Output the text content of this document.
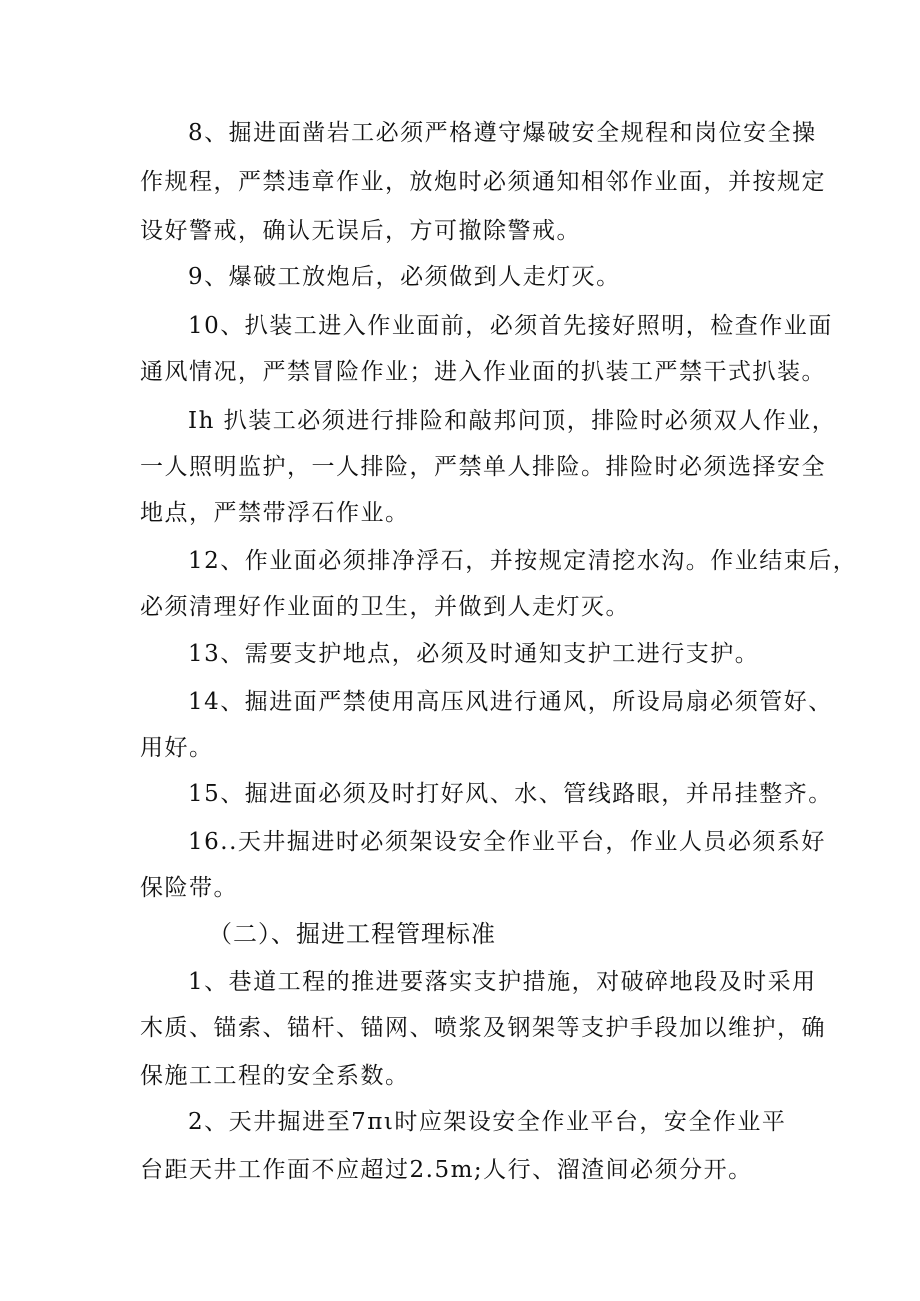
8、掘进面凿岩工必须严格遵守爆破安全规程和岗位安全操
作规程，严禁违章作业，放炮时必须通知相邻作业面，并按规定
设好警戒，确认无误后，方可撤除警戒。
9、爆破工放炮后，必须做到人走灯灭。
10、扒装工进入作业面前，必须首先接好照明，检查作业面
通风情况，严禁冒险作业；进入作业面的扒装工严禁干式扒装。
Ih 扒装工必须进行排险和敲邦问顶，排险时必须双人作业，
一人照明监护，一人排险，严禁单人排险。排险时必须选择安全
地点，严禁带浮石作业。
12、作业面必须排净浮石，并按规定清挖水沟。作业结束后，
必须清理好作业面的卫生，并做到人走灯灭。
13、需要支护地点，必须及时通知支护工进行支护。
14、掘进面严禁使用高压风进行通风，所设局扇必须管好、
用好。
15、掘进面必须及时打好风、水、管线路眼，并吊挂整齐。
16..天井掘进时必须架设安全作业平台，作业人员必须系好
保险带。
（二）、掘进工程管理标准
1、巷道工程的推进要落实支护措施，对破碎地段及时采用
木质、锚索、锚杆、锚网、喷浆及钢架等支护手段加以维护，确
保施工工程的安全系数。
2、天井掘进至7πι时应架设安全作业平台，安全作业平
台距天井工作面不应超过2.5m;人行、溜渣间必须分开。
